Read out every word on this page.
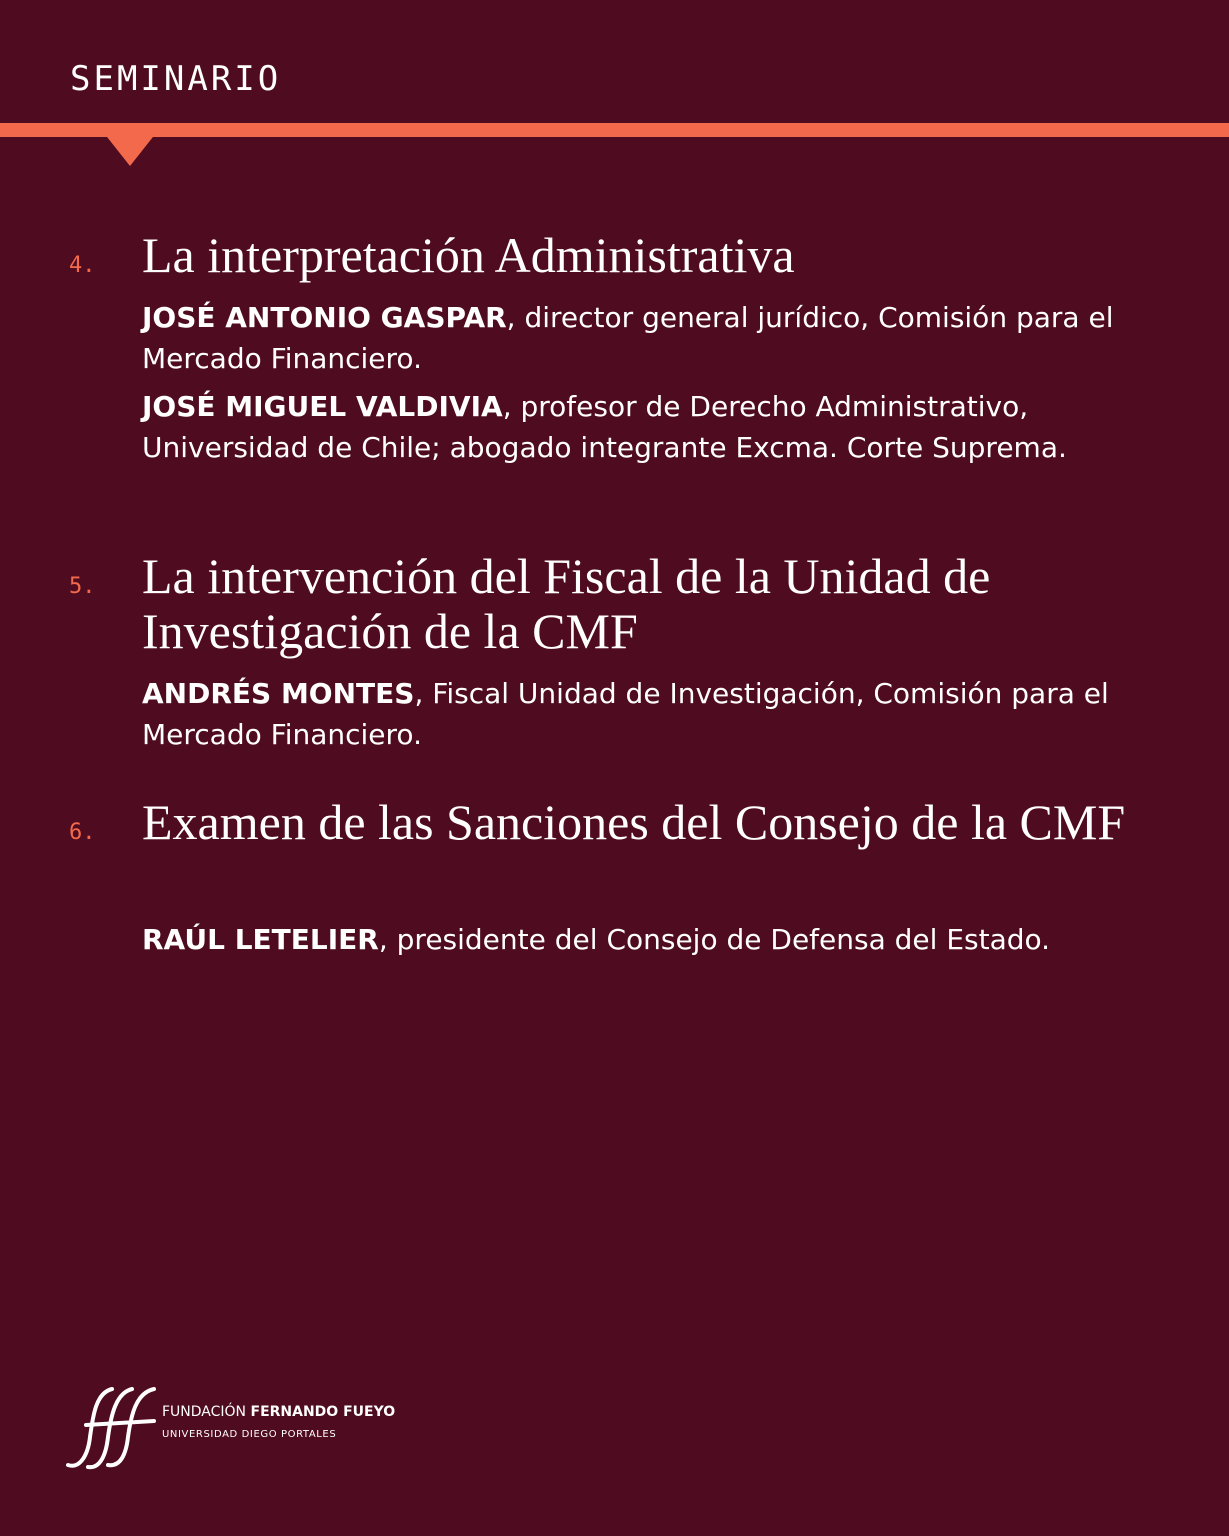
SEMINARIO
4. La interpretación Administrativa

JOSÉ ANTONIO GASPAR, director general jurídico, Comisión para el Mercado Financiero.

JOSÉ MIGUEL VALDIVIA, profesor de Derecho Administrativo, Universidad de Chile; abogado integrante Excma. Corte Suprema.

5. La intervención del Fiscal de la Unidad de Investigación de la CMF

ANDRÉS MONTES, Fiscal Unidad de Investigación, Comisión para el Mercado Financiero.

6. Examen de las Sanciones del Consejo de la CMF

RAÚL LETELIER, presidente del Consejo de Defensa del Estado.

FUNDACIÓN FERNANDO FUEYO
UNIVERSIDAD DIEGO PORTALES
